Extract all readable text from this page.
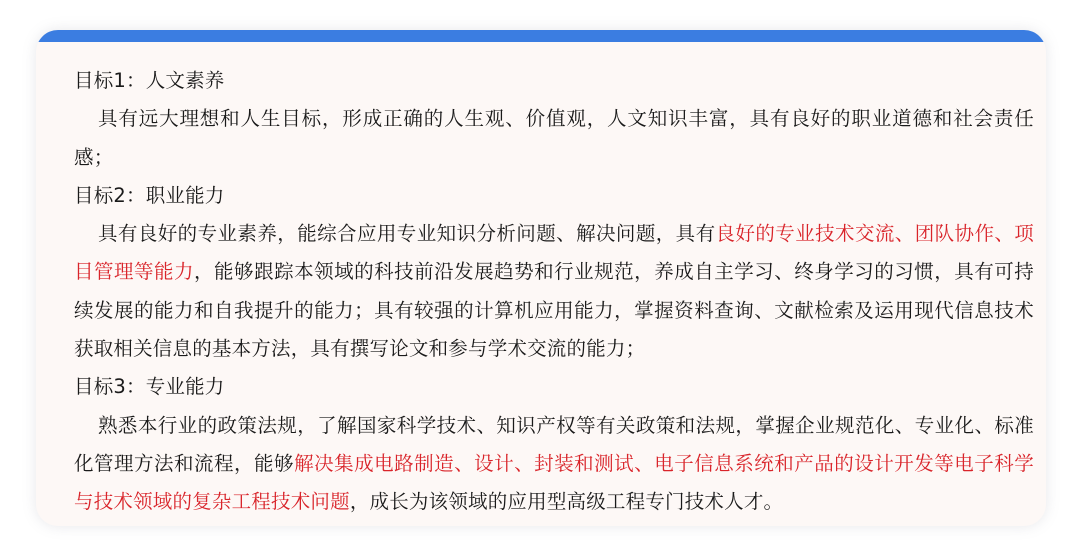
目标1：人文素养

具有远大理想和人生目标，形成正确的人生观、价值观，人文知识丰富，具有良好的职业道德和社会责任感；

目标2：职业能力

具有良好的专业素养，能综合应用专业知识分析问题、解决问题，具有良好的专业技术交流、团队协作、项目管理等能力，能够跟踪本领域的科技前沿发展趋势和行业规范，养成自主学习、终身学习的习惯，具有可持续发展的能力和自我提升的能力；具有较强的计算机应用能力，掌握资料查询、文献检索及运用现代信息技术获取相关信息的基本方法，具有撰写论文和参与学术交流的能力；

目标3：专业能力

熟悉本行业的政策法规，了解国家科学技术、知识产权等有关政策和法规，掌握企业规范化、专业化、标准化管理方法和流程，能够解决集成电路制造、设计、封装和测试、电子信息系统和产品的设计开发等电子科学与技术领域的复杂工程技术问题，成长为该领域的应用型高级工程专门技术人才。
